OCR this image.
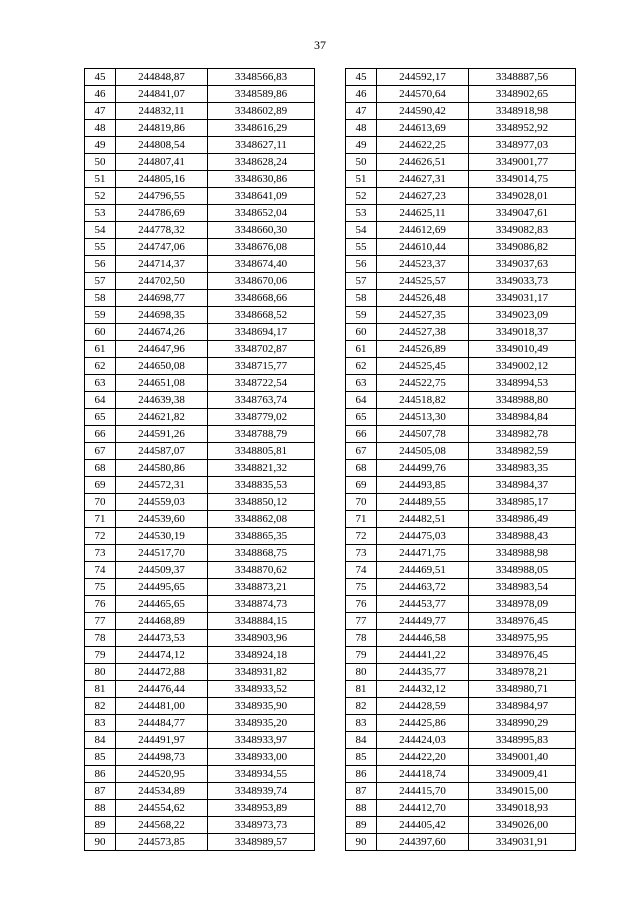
37
45	244848,87	3348566,83
46	244841,07	3348589,86
47	244832,11	3348602,89
48	244819,86	3348616,29
49	244808,54	3348627,11
50	244807,41	3348628,24
51	244805,16	3348630,86
52	244796,55	3348641,09
53	244786,69	3348652,04
54	244778,32	3348660,30
55	244747,06	3348676,08
56	244714,37	3348674,40
57	244702,50	3348670,06
58	244698,77	3348668,66
59	244698,35	3348668,52
60	244674,26	3348694,17
61	244647,96	3348702,87
62	244650,08	3348715,77
63	244651,08	3348722,54
64	244639,38	3348763,74
65	244621,82	3348779,02
66	244591,26	3348788,79
67	244587,07	3348805,81
68	244580,86	3348821,32
69	244572,31	3348835,53
70	244559,03	3348850,12
71	244539,60	3348862,08
72	244530,19	3348865,35
73	244517,70	3348868,75
74	244509,37	3348870,62
75	244495,65	3348873,21
76	244465,65	3348874,73
77	244468,89	3348884,15
78	244473,53	3348903,96
79	244474,12	3348924,18
80	244472,88	3348931,82
81	244476,44	3348933,52
82	244481,00	3348935,90
83	244484,77	3348935,20
84	244491,97	3348933,97
85	244498,73	3348933,00
86	244520,95	3348934,55
87	244534,89	3348939,74
88	244554,62	3348953,89
89	244568,22	3348973,73
90	244573,85	3348989,57
45	244592,17	3348887,56
46	244570,64	3348902,65
47	244590,42	3348918,98
48	244613,69	3348952,92
49	244622,25	3348977,03
50	244626,51	3349001,77
51	244627,31	3349014,75
52	244627,23	3349028,01
53	244625,11	3349047,61
54	244612,69	3349082,83
55	244610,44	3349086,82
56	244523,37	3349037,63
57	244525,57	3349033,73
58	244526,48	3349031,17
59	244527,35	3349023,09
60	244527,38	3349018,37
61	244526,89	3349010,49
62	244525,45	3349002,12
63	244522,75	3348994,53
64	244518,82	3348988,80
65	244513,30	3348984,84
66	244507,78	3348982,78
67	244505,08	3348982,59
68	244499,76	3348983,35
69	244493,85	3348984,37
70	244489,55	3348985,17
71	244482,51	3348986,49
72	244475,03	3348988,43
73	244471,75	3348988,98
74	244469,51	3348988,05
75	244463,72	3348983,54
76	244453,77	3348978,09
77	244449,77	3348976,45
78	244446,58	3348975,95
79	244441,22	3348976,45
80	244435,77	3348978,21
81	244432,12	3348980,71
82	244428,59	3348984,97
83	244425,86	3348990,29
84	244424,03	3348995,83
85	244422,20	3349001,40
86	244418,74	3349009,41
87	244415,70	3349015,00
88	244412,70	3349018,93
89	244405,42	3349026,00
90	244397,60	3349031,91
